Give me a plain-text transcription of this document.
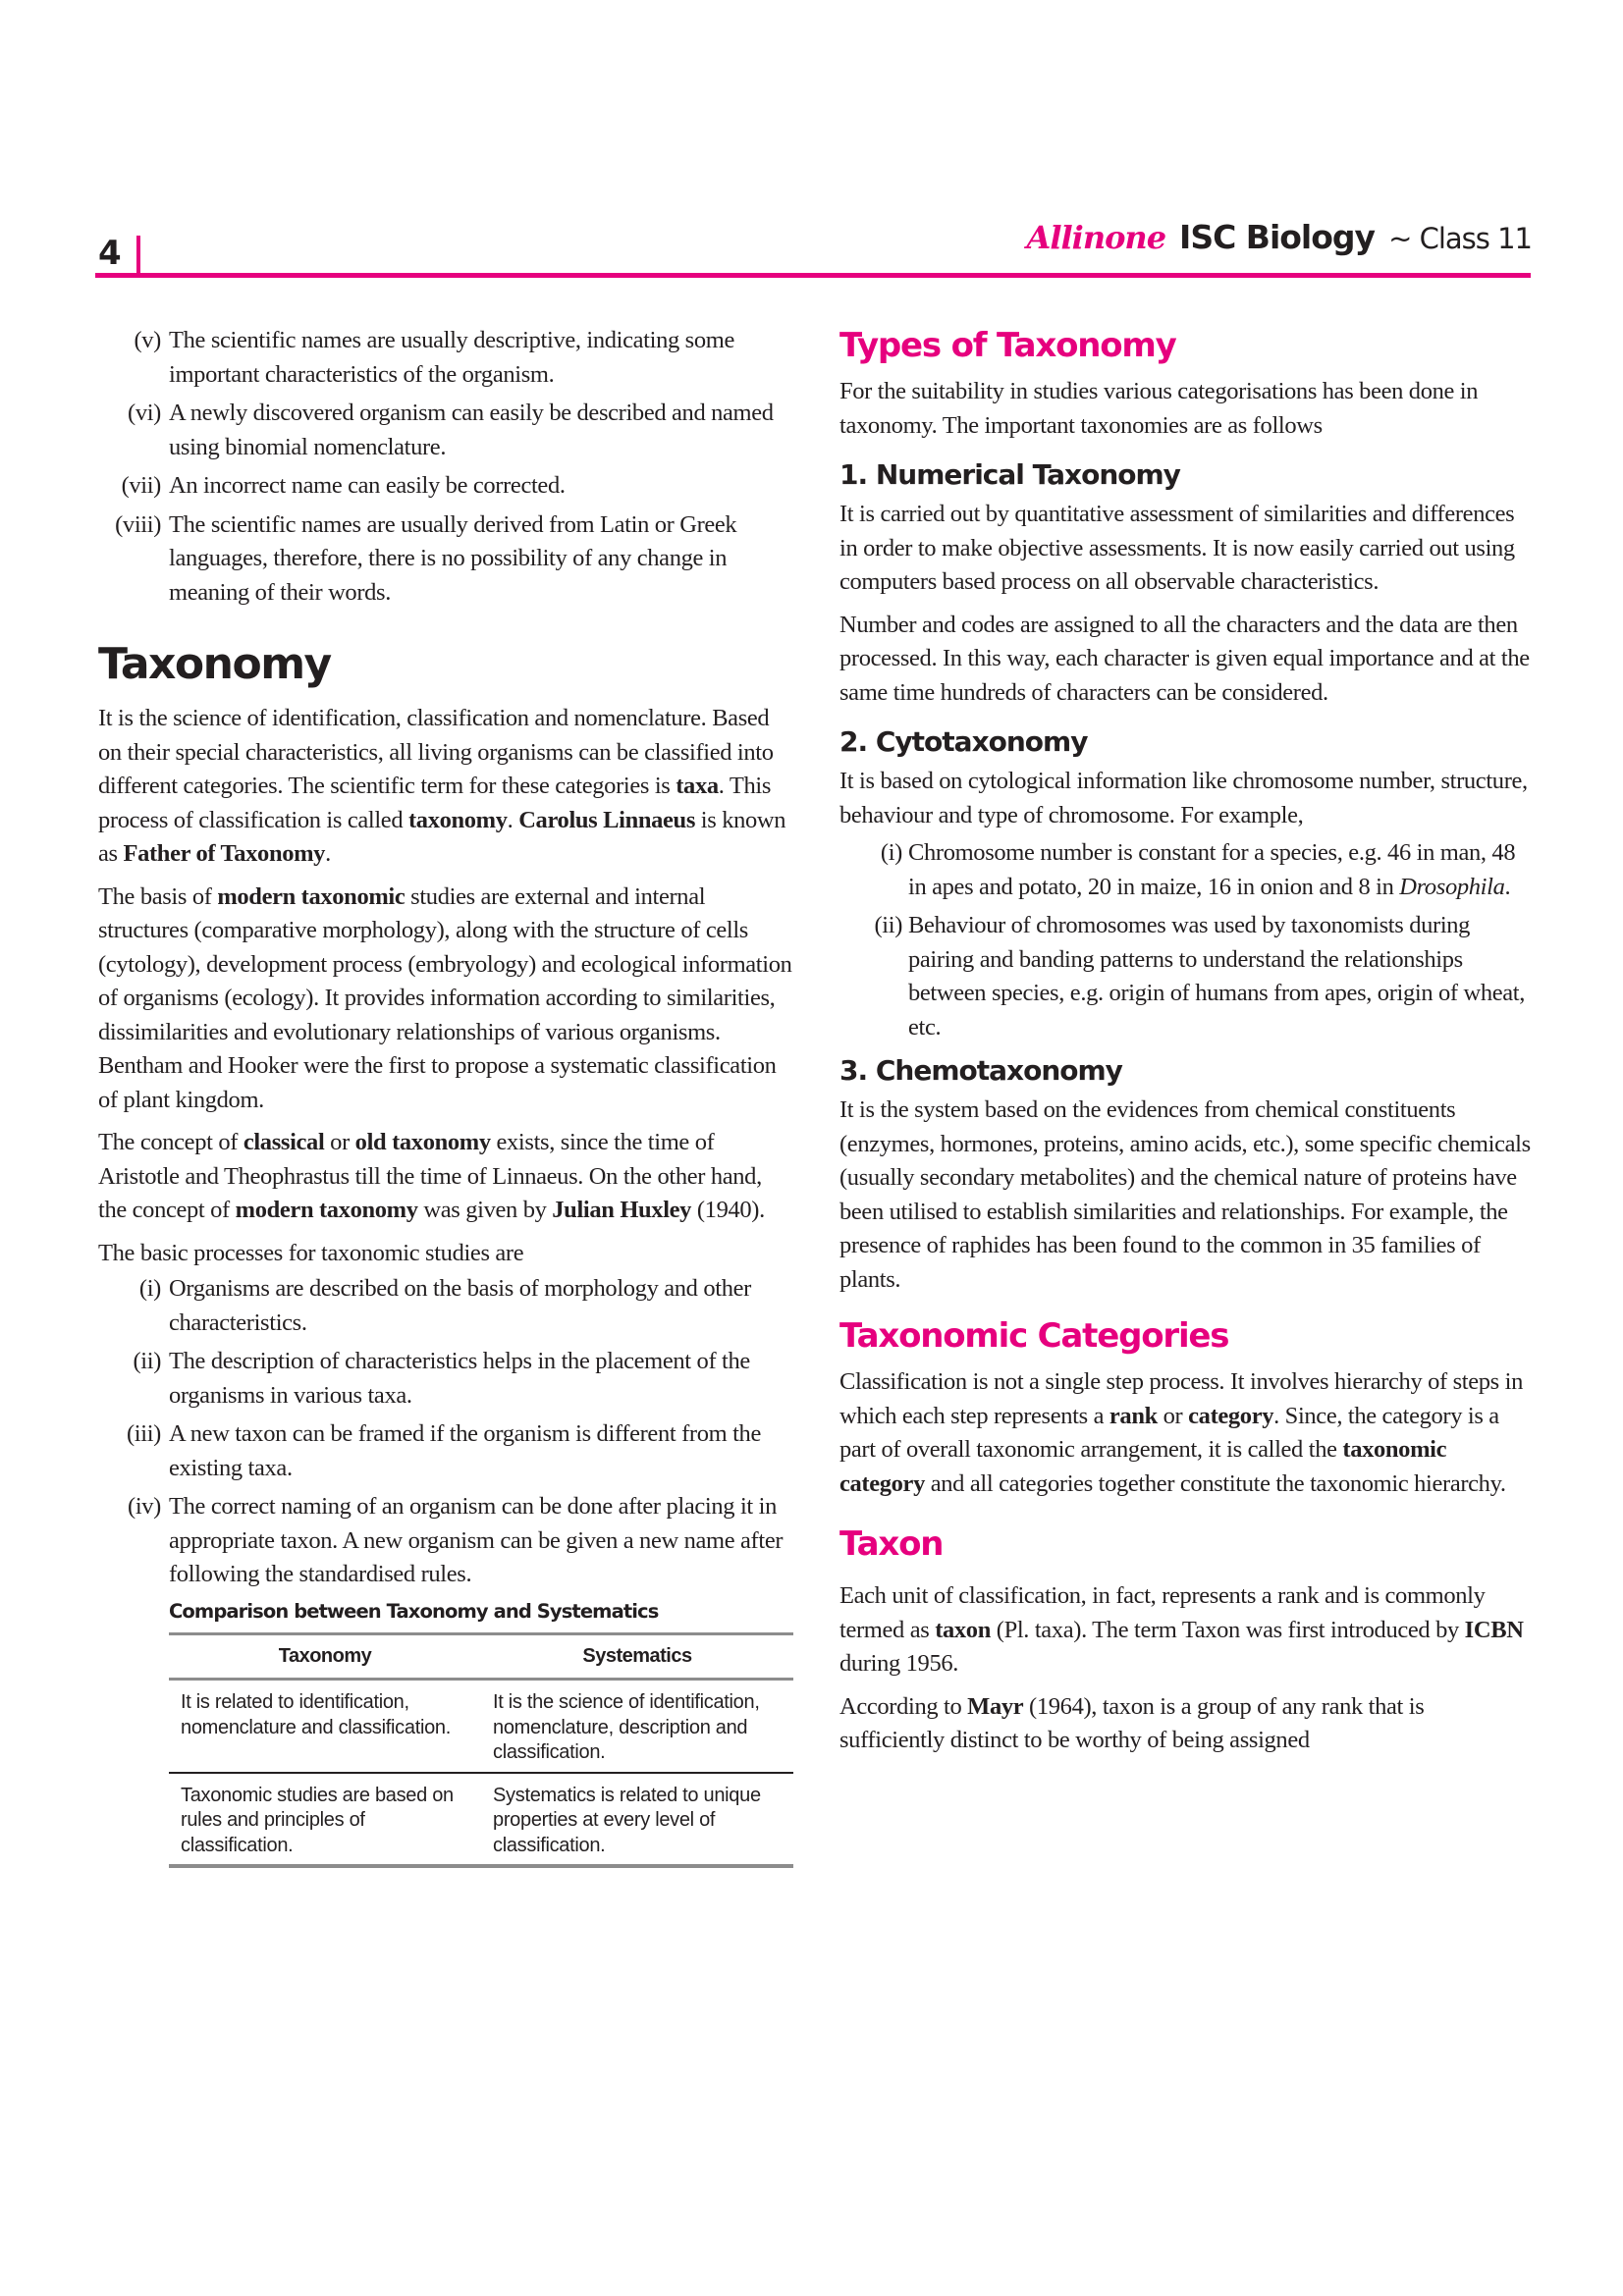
4	Allinone ISC Biology ~ Class 11
(v) The scientific names are usually descriptive, indicating some important characteristics of the organism.
(vi) A newly discovered organism can easily be described and named using binomial nomenclature.
(vii) An incorrect name can easily be corrected.
(viii) The scientific names are usually derived from Latin or Greek languages, therefore, there is no possibility of any change in meaning of their words.
Taxonomy

It is the science of identification, classification and nomenclature. Based on their special characteristics, all living organisms can be classified into different categories. The scientific term for these categories is taxa. This process of classification is called taxonomy. Carolus Linnaeus is known as Father of Taxonomy.

The basis of modern taxonomic studies are external and internal structures (comparative morphology), along with the structure of cells (cytology), development process (embryology) and ecological information of organisms (ecology). It provides information according to similarities, dissimilarities and evolutionary relationships of various organisms. Bentham and Hooker were the first to propose a systematic classification of plant kingdom.

The concept of classical or old taxonomy exists, since the time of Aristotle and Theophrastus till the time of Linnaeus. On the other hand, the concept of modern taxonomy was given by Julian Huxley (1940).

The basic processes for taxonomic studies are

(i) Organisms are described on the basis of morphology and other characteristics.
(ii) The description of characteristics helps in the placement of the organisms in various taxa.
(iii) A new taxon can be framed if the organism is different from the existing taxa.
(iv) The correct naming of an organism can be done after placing it in appropriate taxon. A new organism can be given a new name after following the standardised rules.
Comparison between Taxonomy and Systematics
Taxonomy	Systematics
It is related to identification, nomenclature and classification.	It is the science of identification, nomenclature, description and classification.
Taxonomic studies are based on rules and principles of classification.	Systematics is related to unique properties at every level of classification.
Types of Taxonomy

For the suitability in studies various categorisations has been done in taxonomy. The important taxonomies are as follows

1. Numerical Taxonomy

It is carried out by quantitative assessment of similarities and differences in order to make objective assessments. It is now easily carried out using computers based process on all observable characteristics.

Number and codes are assigned to all the characters and the data are then processed. In this way, each character is given equal importance and at the same time hundreds of characters can be considered.

2. Cytotaxonomy

It is based on cytological information like chromosome number, structure, behaviour and type of chromosome. For example,

(i) Chromosome number is constant for a species, e.g. 46 in man, 48 in apes and potato, 20 in maize, 16 in onion and 8 in Drosophila.
(ii) Behaviour of chromosomes was used by taxonomists during pairing and banding patterns to understand the relationships between species, e.g. origin of humans from apes, origin of wheat, etc.
3. Chemotaxonomy

It is the system based on the evidences from chemical constituents (enzymes, hormones, proteins, amino acids, etc.), some specific chemicals (usually secondary metabolites) and the chemical nature of proteins have been utilised to establish similarities and relationships. For example, the presence of raphides has been found to the common in 35 families of plants.

Taxonomic Categories

Classification is not a single step process. It involves hierarchy of steps in which each step represents a rank or category. Since, the category is a part of overall taxonomic arrangement, it is called the taxonomic category and all categories together constitute the taxonomic hierarchy.

Taxon

Each unit of classification, in fact, represents a rank and is commonly termed as taxon (Pl. taxa). The term Taxon was first introduced by ICBN during 1956.

According to Mayr (1964), taxon is a group of any rank that is sufficiently distinct to be worthy of being assigned
